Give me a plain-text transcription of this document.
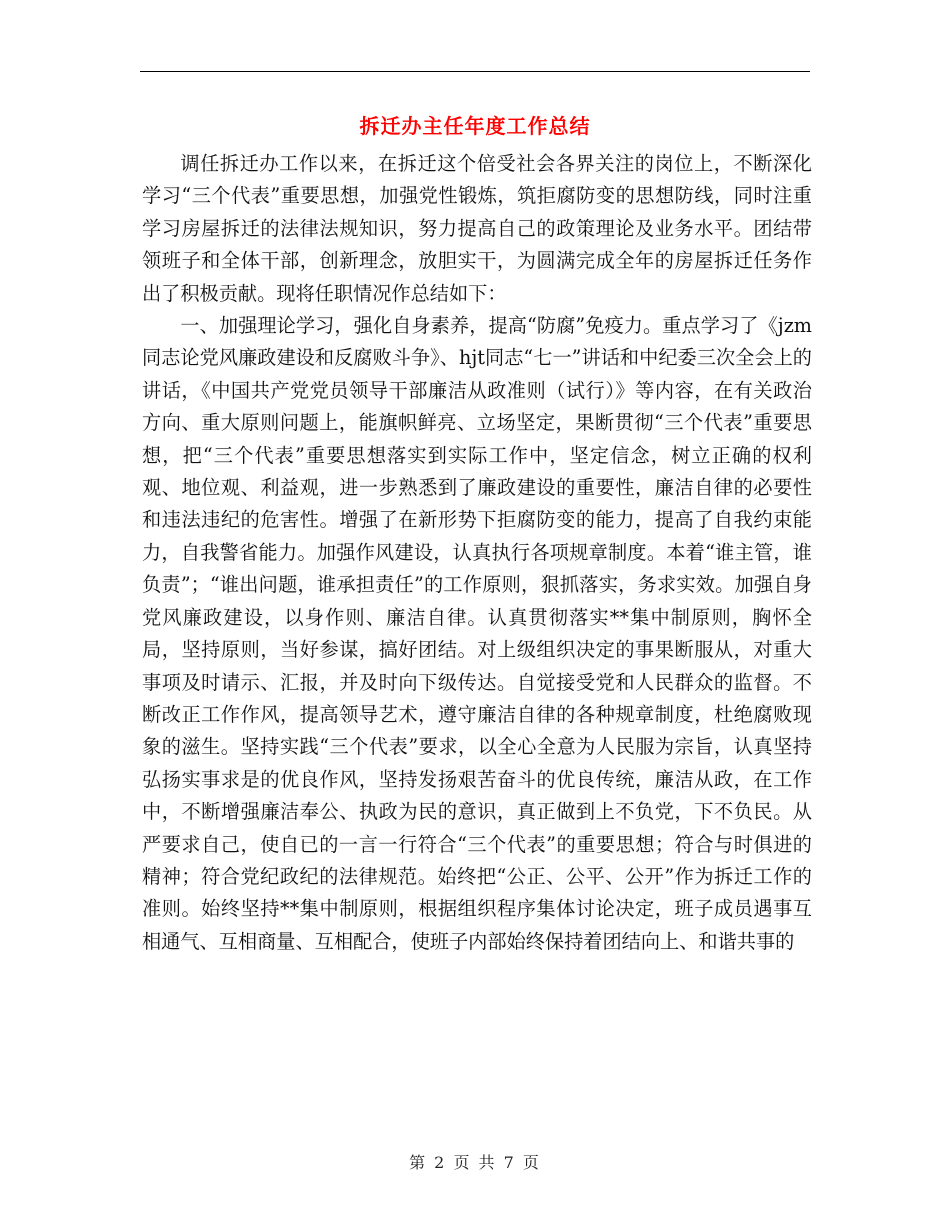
拆迁办主任年度工作总结

调任拆迁办工作以来，在拆迁这个倍受社会各界关注的岗位上，不断深化学习“三个代表”重要思想，加强党性锻炼，筑拒腐防变的思想防线，同时注重学习房屋拆迁的法律法规知识，努力提高自己的政策理论及业务水平。团结带领班子和全体干部，创新理念，放胆实干，为圆满完成全年的房屋拆迁任务作出了积极贡献。现将任职情况作总结如下：

一、加强理论学习，强化自身素养，提高“防腐”免疫力。重点学习了《jzm同志论党风廉政建设和反腐败斗争》、hjt同志“七一”讲话和中纪委三次全会上的讲话，《中国共产党党员领导干部廉洁从政准则（试行）》等内容，在有关政治方向、重大原则问题上，能旗帜鲜亮、立场坚定，果断贯彻“三个代表”重要思想，把“三个代表”重要思想落实到实际工作中，坚定信念，树立正确的权利观、地位观、利益观，进一步熟悉到了廉政建设的重要性，廉洁自律的必要性和违法违纪的危害性。增强了在新形势下拒腐防变的能力，提高了自我约束能力，自我警省能力。加强作风建设，认真执行各项规章制度。本着“谁主管，谁负责”；“谁出问题，谁承担责任”的工作原则，狠抓落实，务求实效。加强自身党风廉政建设，以身作则、廉洁自律。认真贯彻落实**集中制原则，胸怀全局，坚持原则，当好参谋，搞好团结。对上级组织决定的事果断服从，对重大事项及时请示、汇报，并及时向下级传达。自觉接受党和人民群众的监督。不断改正工作作风，提高领导艺术，遵守廉洁自律的各种规章制度，杜绝腐败现象的滋生。坚持实践“三个代表”要求，以全心全意为人民服为宗旨，认真坚持弘扬实事求是的优良作风，坚持发扬艰苦奋斗的优良传统，廉洁从政，在工作中，不断增强廉洁奉公、执政为民的意识，真正做到上不负党，下不负民。从严要求自己，使自已的一言一行符合“三个代表”的重要思想；符合与时俱进的精神；符合党纪政纪的法律规范。始终把“公正、公平、公开”作为拆迁工作的准则。始终坚持**集中制原则，根据组织程序集体讨论决定，班子成员遇事互相通气、互相商量、互相配合，使班子内部始终保持着团结向上、和谐共事的

第 2 页 共 7 页
